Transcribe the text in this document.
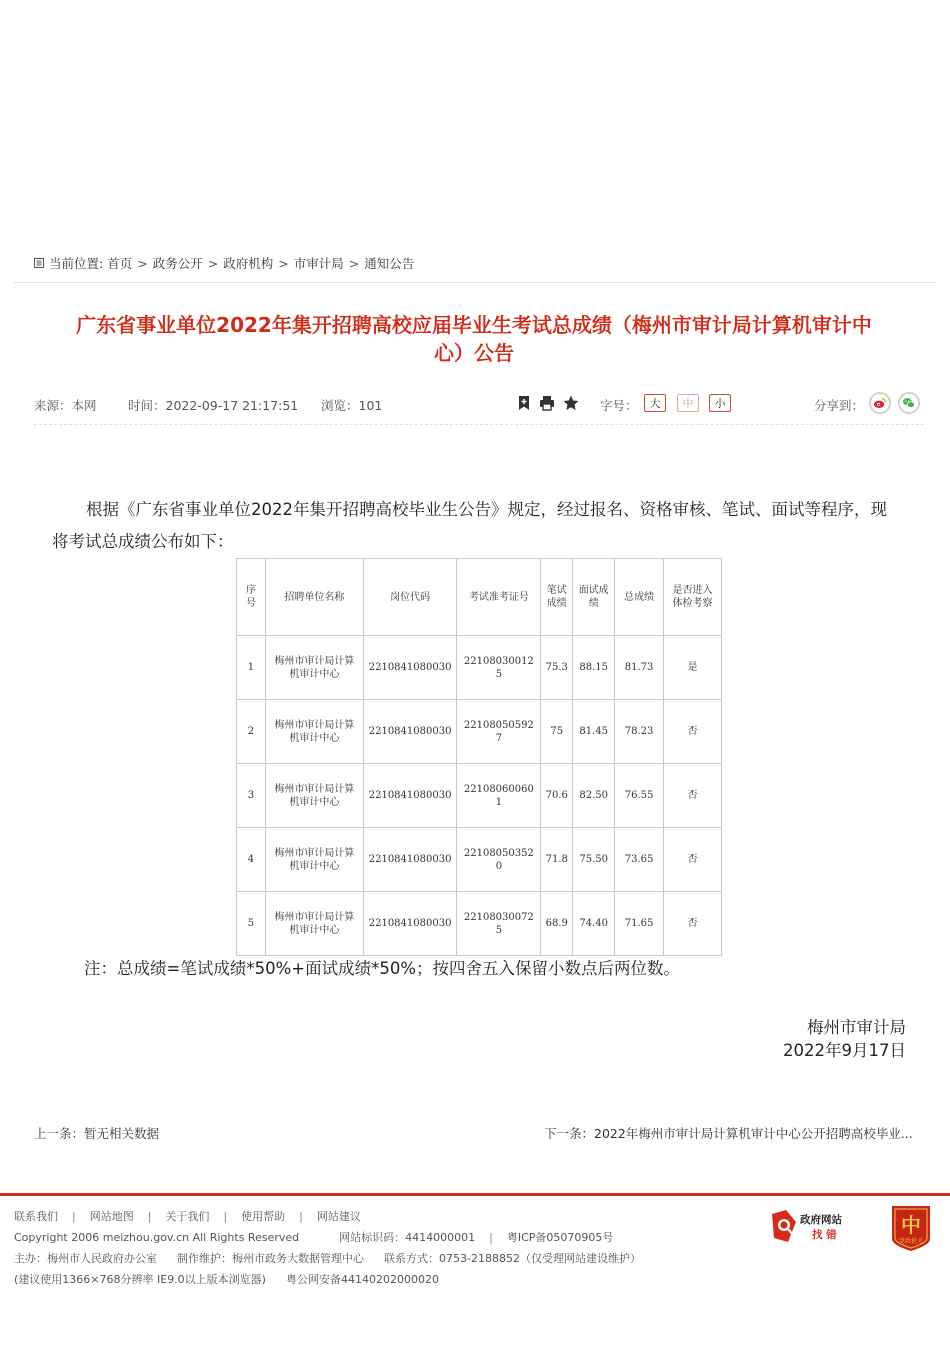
当前位置: 首页 > 政务公开 > 政府机构 > 市审计局 > 通知公告
广东省事业单位2022年集开招聘高校应届毕业生考试总成绩（梅州市审计局计算机审计中
心）公告
来源：本网	时间：2022-09-17 21:17:51 浏览：101	字号：	大	中	小	分享到：
根据《广东省事业单位2022年集开招聘高校毕业生公告》规定，经过报名、资格审核、笔试、面试等程序，现将考试总成绩公布如下：
序号	招聘单位名称	岗位代码	考试准考证号	笔试成绩	面试成绩	总成绩	是否进入体检考察
1	梅州市审计局计算机审计中心	2210841080030	221080300125	75.3	88.15	81.73	是
2	梅州市审计局计算机审计中心	2210841080030	221080505927	75	81.45	78.23	否
3	梅州市审计局计算机审计中心	2210841080030	221080600601	70.6	82.50	76.55	否
4	梅州市审计局计算机审计中心	2210841080030	221080503520	71.8	75.50	73.65	否
5	梅州市审计局计算机审计中心	2210841080030	221080300725	68.9	74.40	71.65	否
注：总成绩=笔试成绩*50%+面试成绩*50%；按四舍五入保留小数点后两位数。
梅州市审计局
2022年9月17日
上一条：暂无相关数据	下一条：2022年梅州市审计局计算机审计中心公开招聘高校毕业...
联系我们 | 网站地图 | 关于我们 | 使用帮助 | 网站建议
Copyright 2006 meizhou.gov.cn All Rights Reserved	网站标识码：4414000001 | 粤ICP备05070905号
主办：梅州市人民政府办公室 制作维护：梅州市政务大数据管理中心 联系方式：0753-2188852（仅受理网站建设维护）
(建议使用1366×768分辨率 IE9.0以上版本浏览器) 粤公网安备44140202000020
政府网站
找 错	中
党政机关
